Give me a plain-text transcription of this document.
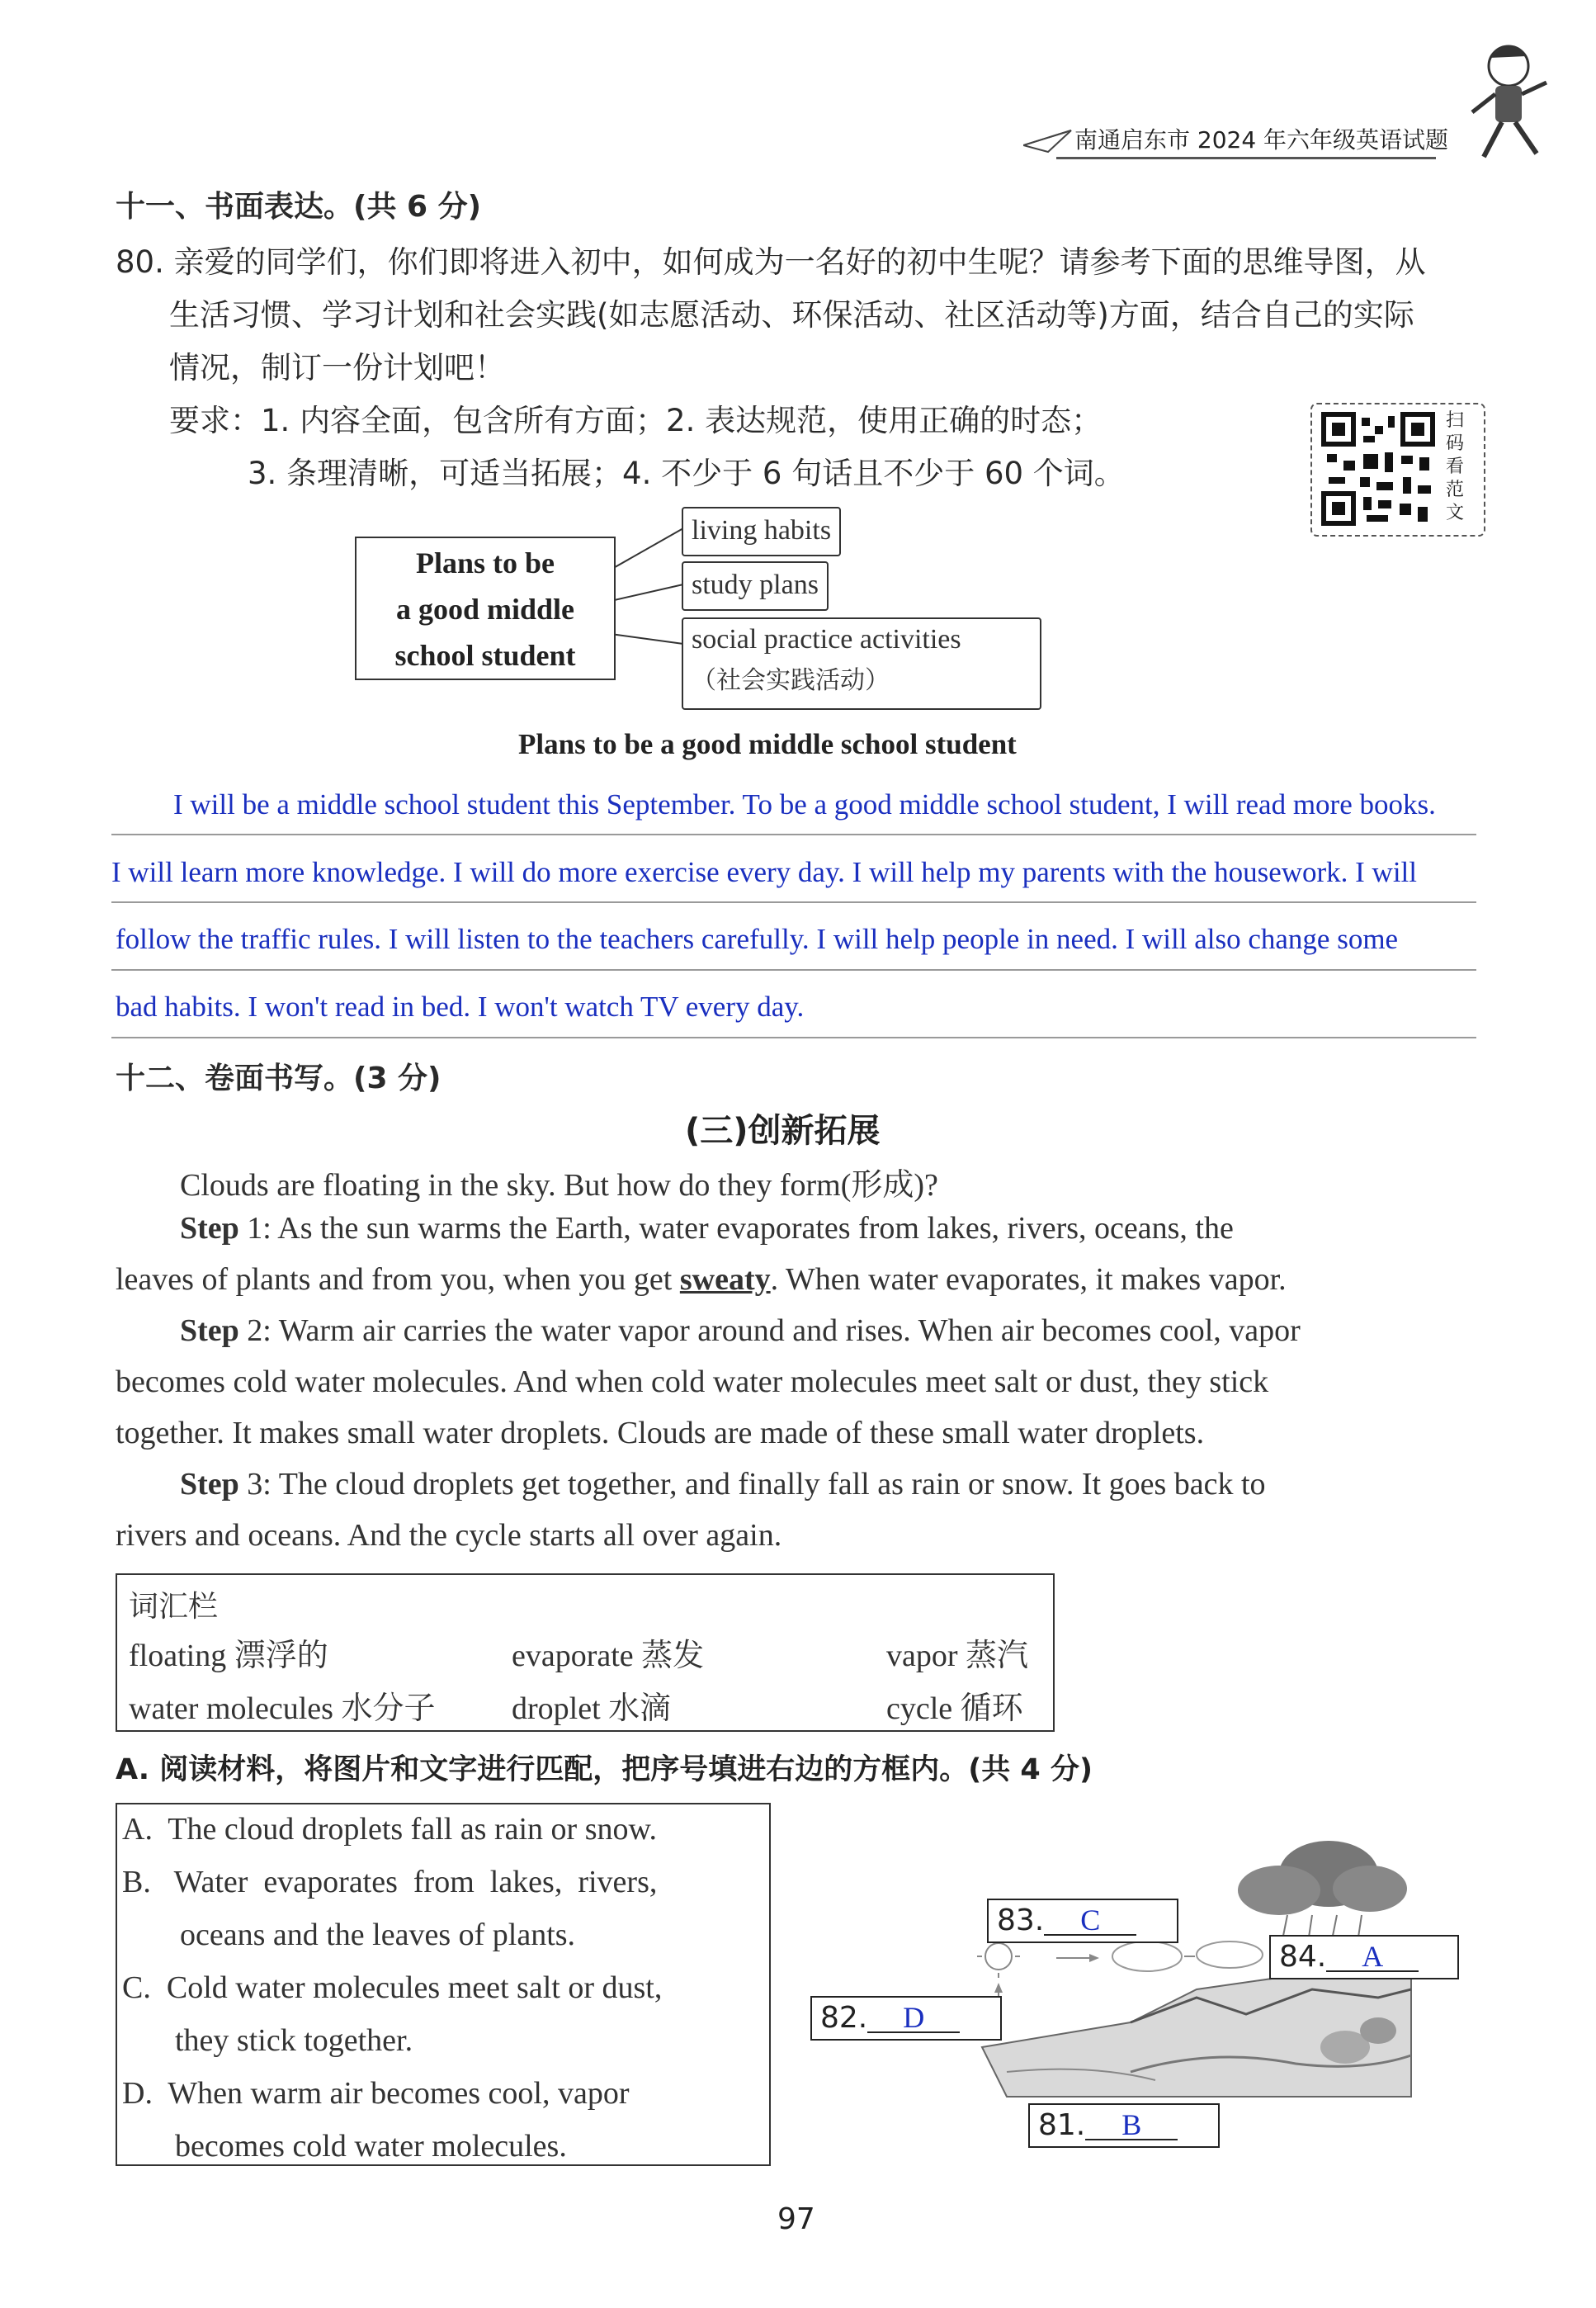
南通启东市 2024 年六年级英语试题
十一、书面表达。(共 6 分)
80. 亲爱的同学们，你们即将进入初中，如何成为一名好的初中生呢？请参考下面的思维导图，从
生活习惯、学习计划和社会实践(如志愿活动、环保活动、社区活动等)方面，结合自己的实际
情况，制订一份计划吧！
要求：1. 内容全面，包含所有方面；2. 表达规范，使用正确的时态；
3. 条理清晰，可适当拓展；4. 不少于 6 句话且不少于 60 个词。
扫码看范文
Plans to be
a good middle
school student
living habits
study plans
social practice activities
（社会实践活动）
Plans to be a good middle school student
I will be a middle school student this September. To be a good middle school student, I will read more books.
I will learn more knowledge. I will do more exercise every day. I will help my parents with the housework. I will
follow the traffic rules. I will listen to the teachers carefully. I will help people in need. I will also change some
bad habits. I won't read in bed. I won't watch TV every day.
十二、卷面书写。(3 分)
(三)创新拓展
Clouds are floating in the sky. But how do they form(形成)?
Step 1: As the sun warms the Earth, water evaporates from lakes, rivers, oceans, the
leaves of plants and from you, when you get sweaty. When water evaporates, it makes vapor.
Step 2: Warm air carries the water vapor around and rises. When air becomes cool, vapor
becomes cold water molecules. And when cold water molecules meet salt or dust, they stick
together. It makes small water droplets. Clouds are made of these small water droplets.
Step 3: The cloud droplets get together, and finally fall as rain or snow. It goes back to
rivers and oceans. And the cycle starts all over again.
词汇栏
floating 漂浮的	evaporate 蒸发	vapor 蒸汽
water molecules 水分子 droplet 水滴	cycle 循环
A. 阅读材料，将图片和文字进行匹配，把序号填进右边的方框内。(共 4 分)
A.  The cloud droplets fall as rain or snow.
B.   Water  evaporates  from  lakes,  rivers,
oceans and the leaves of plants.
C.  Cold water molecules meet salt or dust,
they stick together.
D.  When warm air becomes cool, vapor
becomes cold water molecules.
83. C
84. A
82. D
81. B
97
